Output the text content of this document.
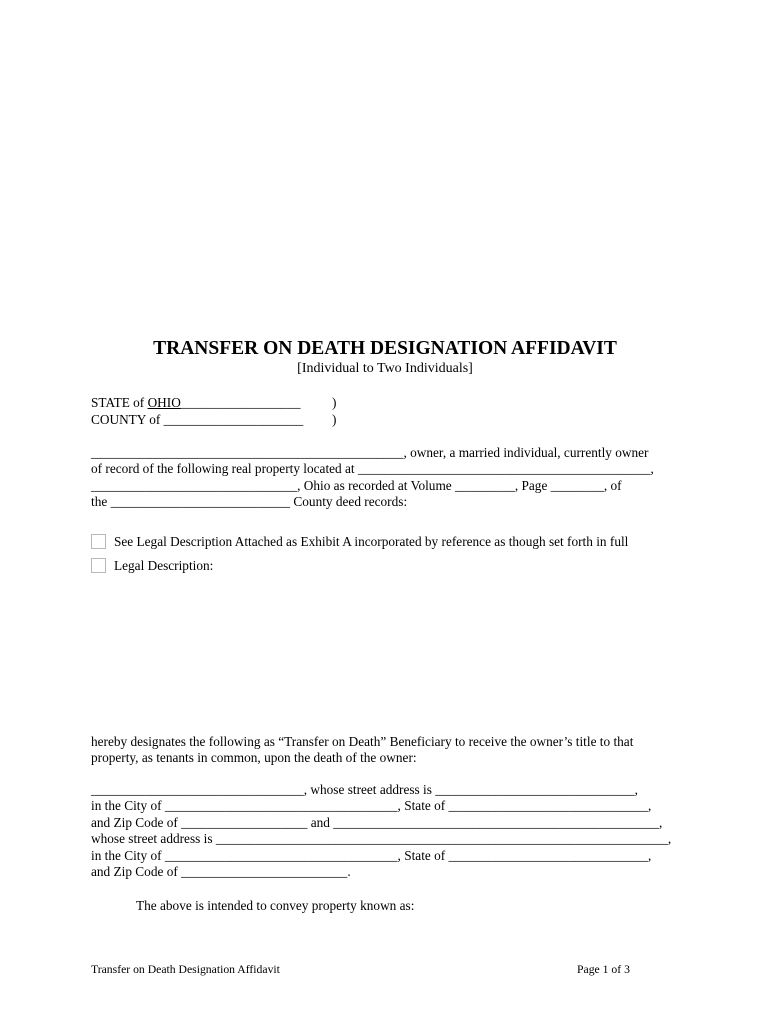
TRANSFER ON DEATH DESIGNATION AFFIDAVIT
[Individual to Two Individuals]
STATE of OHIO__________________ )
COUNTY of _____________________ )
_______________________________________________, owner, a married individual, currently owner
of record of the following real property located at ____________________________________________,
_______________________________, Ohio as recorded at Volume _________, Page ________, of
the ___________________________ County deed records:
See Legal Description Attached as Exhibit A incorporated by reference as though set forth in full
Legal Description:
hereby designates the following as “Transfer on Death” Beneficiary to receive the owner’s title to that
property, as tenants in common, upon the death of the owner:
________________________________, whose street address is ______________________________,
in the City of ___________________________________, State of ______________________________,
and Zip Code of ___________________ and _________________________________________________,
whose street address is ____________________________________________________________________,
in the City of ___________________________________, State of ______________________________,
and Zip Code of _________________________.
The above is intended to convey property known as:
Transfer on Death Designation Affidavit	Page 1 of 3
